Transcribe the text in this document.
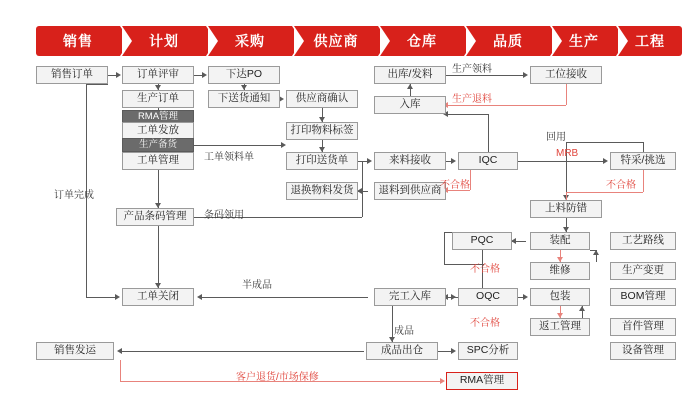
销售	计划	采购	供应商	仓库	品质	生产	工程
销售订单	订单评审	下达PO	出库/发料	工位接收
生产订单	下送货通知 供应商确认	入库
RMA管理
工单发放	打印物料标签
生产备货
工单管理	打印送货单	来料接收	IQC	特采/挑选
退换物料发货 退料到供应商
上料防错
产品条码管理
PQC	装配	工艺路线
维修	生产变更
工单关闭	完工入库	OQC	包装	BOM管理
返工管理	首件管理
销售发运	成品出仓	SPC分析	设备管理
RMA管理
生产领料
生产退料
回用
工单领料单	MRB
不合格	不合格
条码领用
不合格
订单完成
半成品
不合格
成品
客户退货/市场保修
